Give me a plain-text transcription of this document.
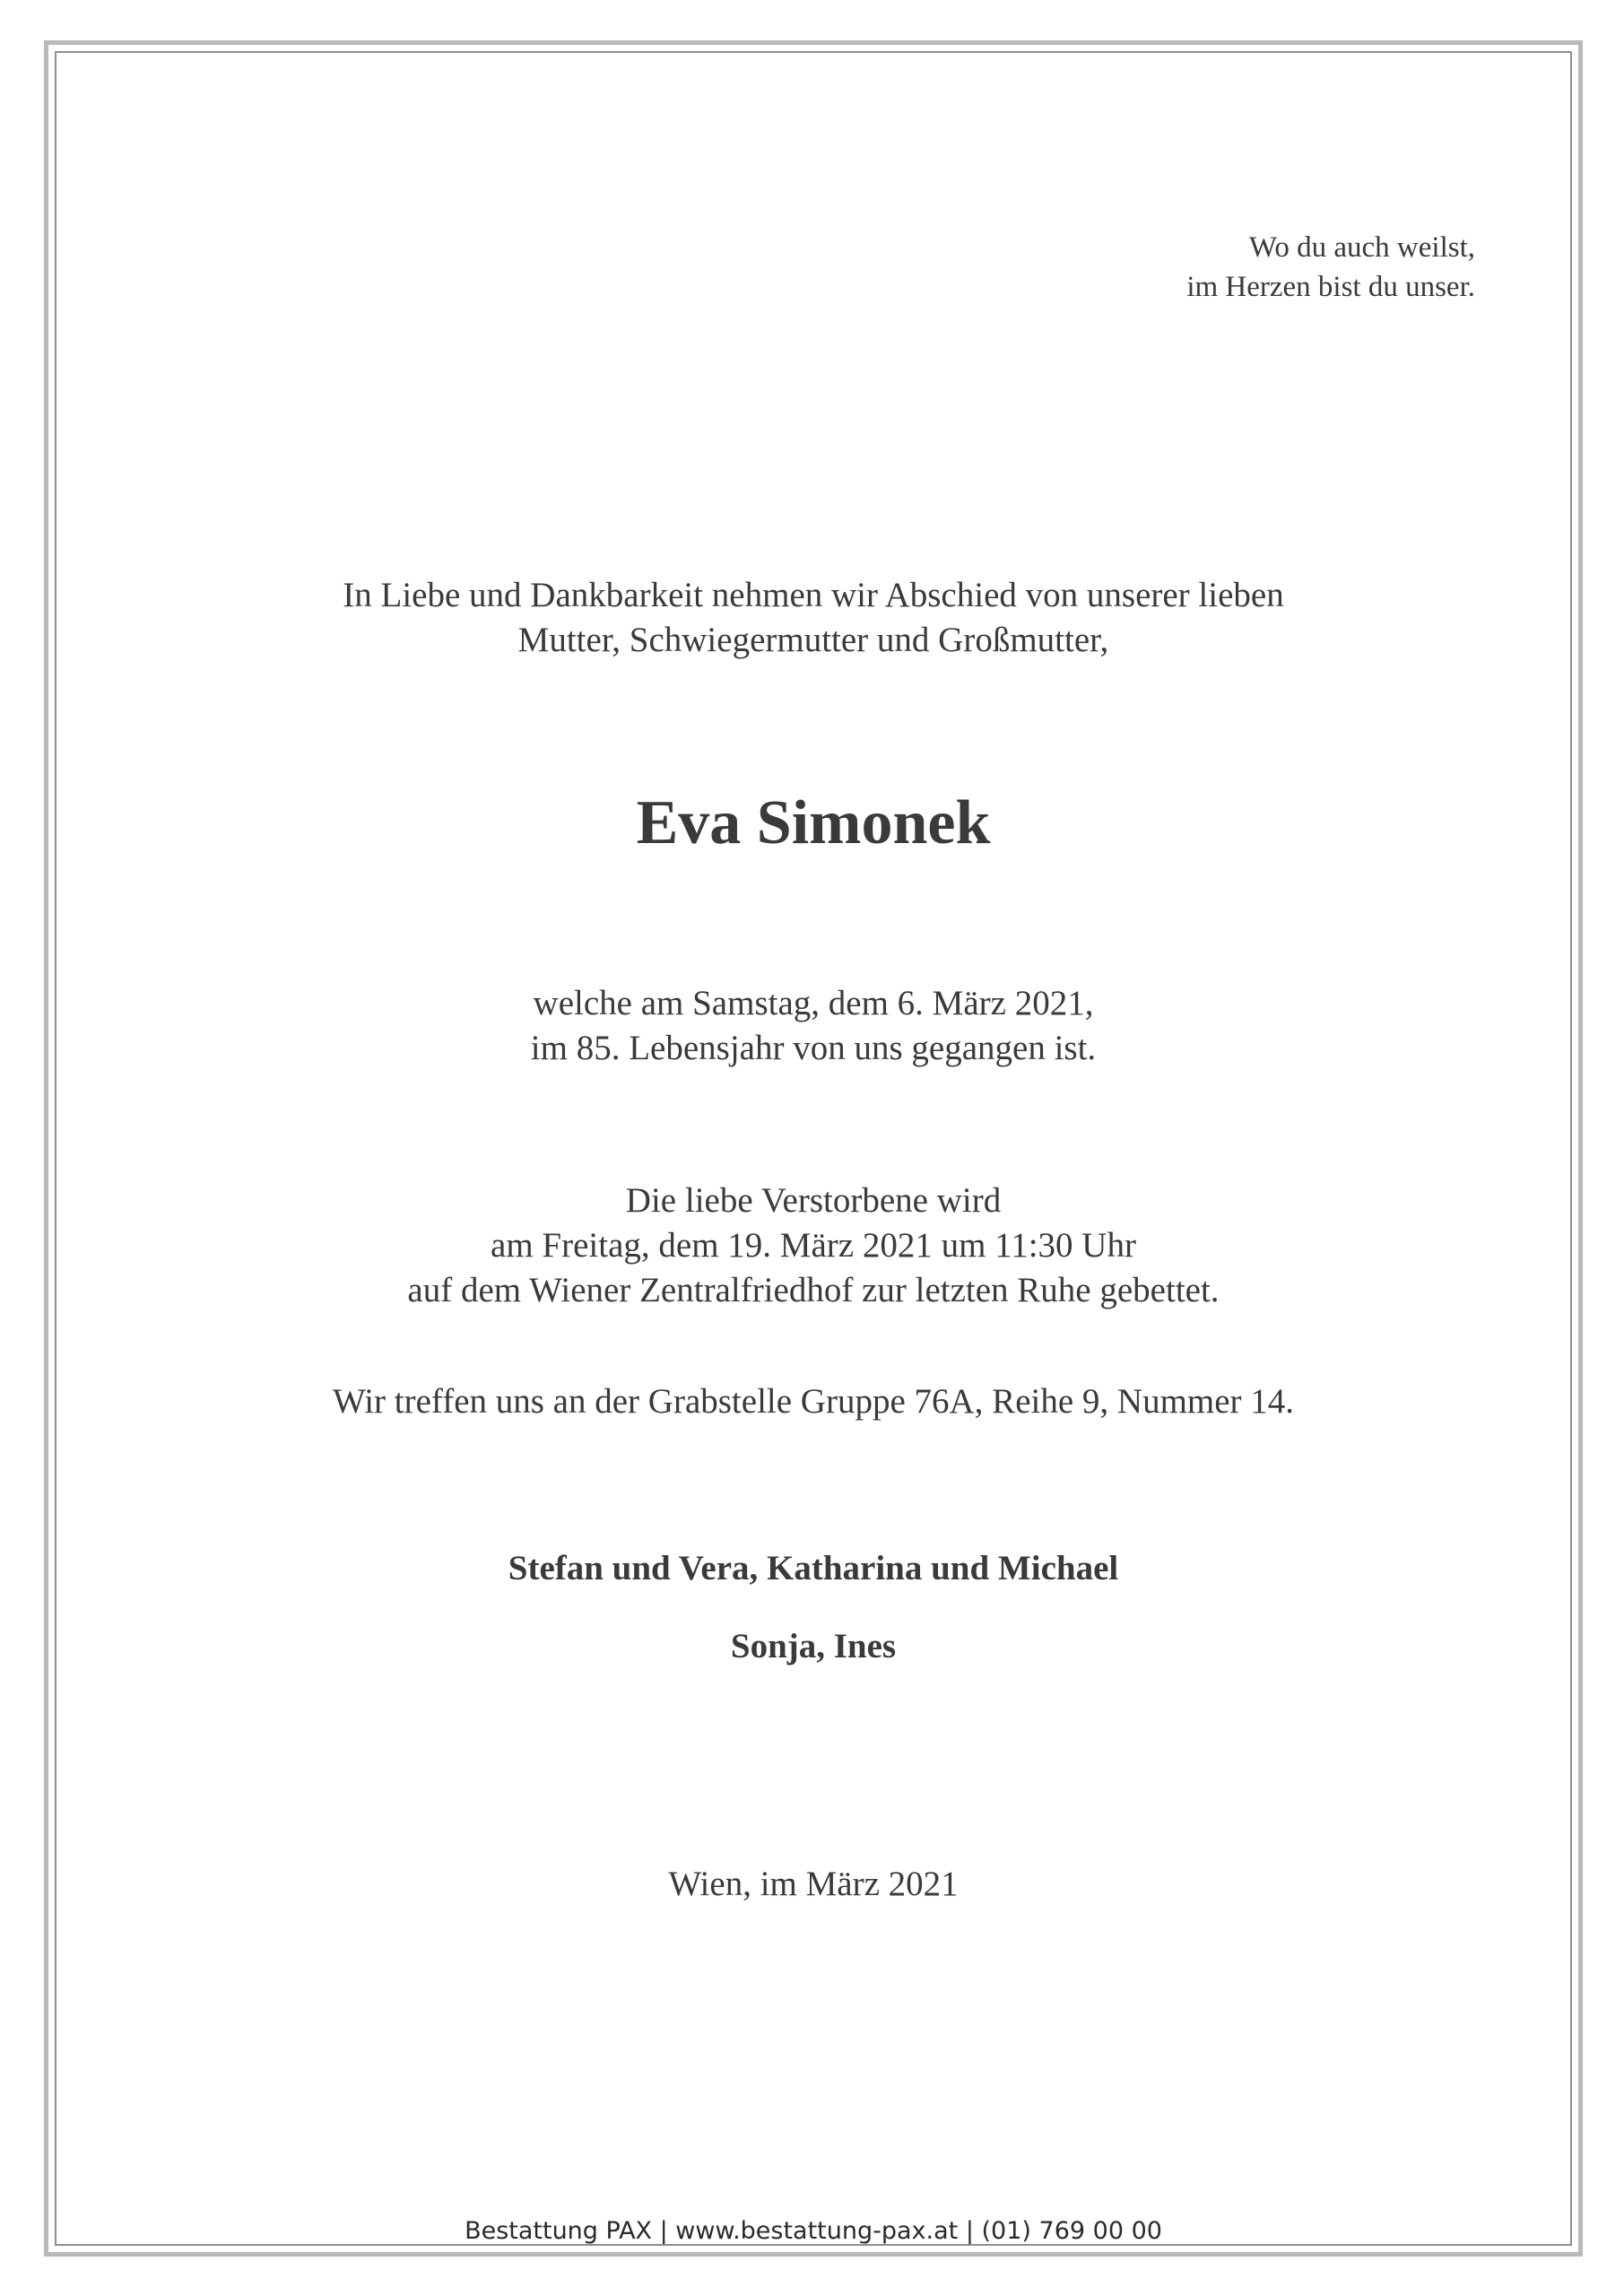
Wo du auch weilst,
im Herzen bist du unser.
In Liebe und Dankbarkeit nehmen wir Abschied von unserer lieben
Mutter, Schwiegermutter und Großmutter,
Eva Simonek
welche am Samstag, dem 6. März 2021,
im 85. Lebensjahr von uns gegangen ist.
Die liebe Verstorbene wird
am Freitag, dem 19. März 2021 um 11:30 Uhr
auf dem Wiener Zentralfriedhof zur letzten Ruhe gebettet.
Wir treffen uns an der Grabstelle Gruppe 76A, Reihe 9, Nummer 14.
Stefan und Vera, Katharina und Michael
Sonja, Ines
Wien, im März 2021
Bestattung PAX | www.bestattung-pax.at | (01) 769 00 00
